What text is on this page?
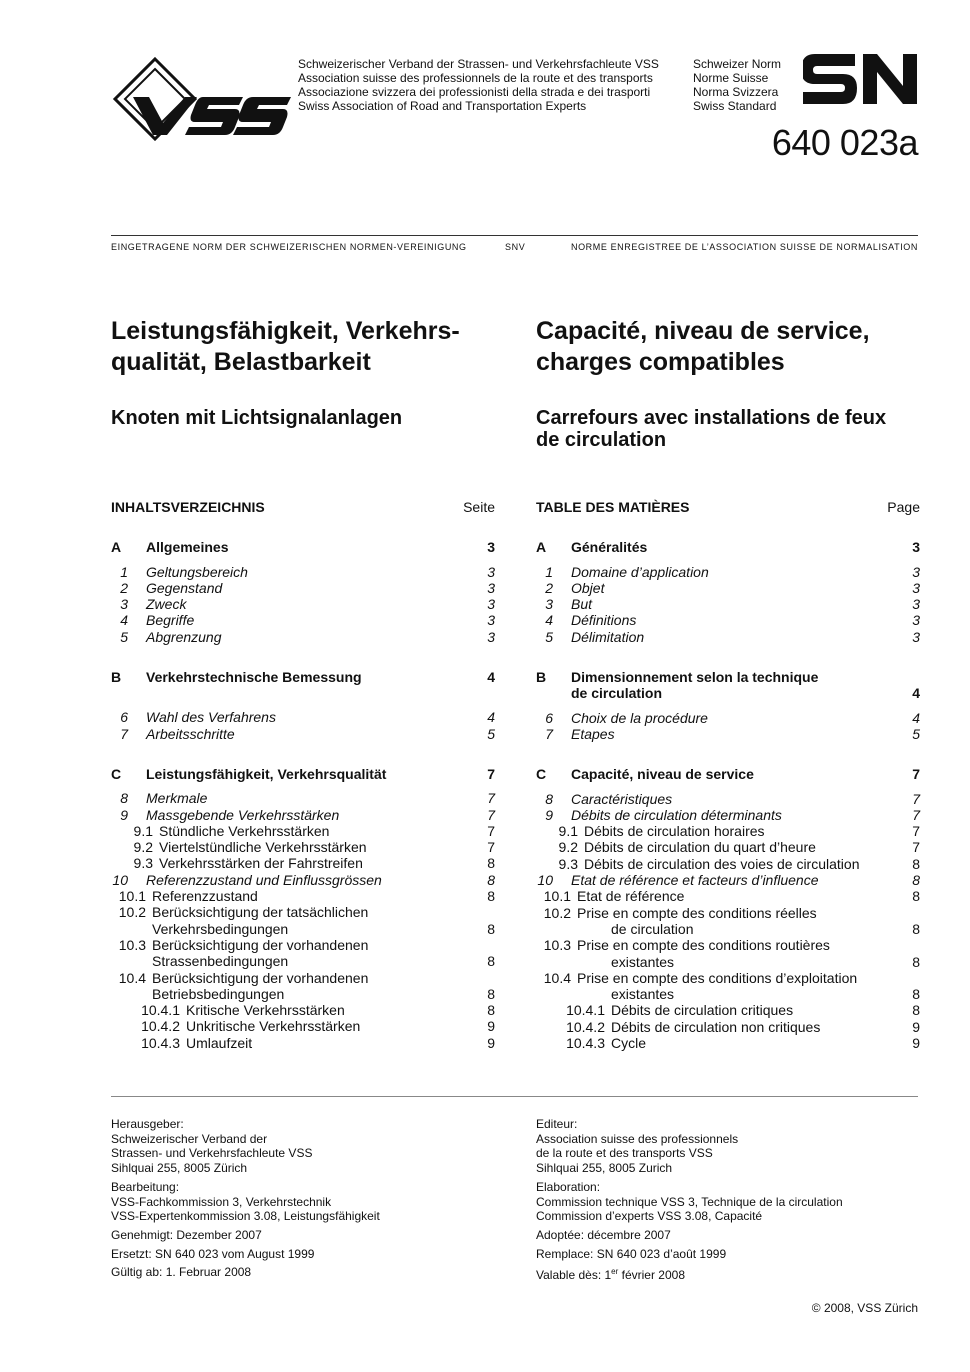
Schweizerischer Verband der Strassen- und Verkehrsfachleute VSS
Association suisse des professionnels de la route et des transports
Associazione svizzera dei professionisti della strada e dei trasporti
Swiss Association of Road and Transportation Experts
Schweizer Norm
Norme Suisse
Norma Svizzera
Swiss Standard
640 023a
EINGETRAGENE NORM DER SCHWEIZERISCHEN NORMEN-VEREINIGUNG	SNV	NORME ENREGISTREE DE L’ASSOCIATION SUISSE DE NORMALISATION
Leistungsfähigkeit, Verkehrs-
qualität, Belastbarkeit
Knoten mit Lichtsignalanlagen
Capacité, niveau de service,
charges compatibles
Carrefours avec installations de feux
de circulation
INHALTSVERZEICHNIS	Seite
A	Allgemeines	3
1	Geltungsbereich	3
2	Gegenstand	3
3	Zweck	3
4	Begriffe	3
5	Abgrenzung	3
B	Verkehrstechnische Bemessung	4
6	Wahl des Verfahrens	4
7	Arbeitsschritte	5
C	Leistungsfähigkeit, Verkehrsqualität	7
8	Merkmale	7
9	Massgebende Verkehrsstärken	7
9.1 Stündliche Verkehrsstärken	7
9.2 Viertelstündliche Verkehrsstärken	7
9.3 Verkehrsstärken der Fahrstreifen	8
10	Referenzzustand und Einflussgrössen	8
10.1 Referenzzustand	8
10.2 Berücksichtigung der tatsächlichen
Verkehrsbedingungen	8
10.3 Berücksichtigung der vorhandenen
Strassenbedingungen	8
10.4 Berücksichtigung der vorhandenen
Betriebsbedingungen	8
10.4.1 Kritische Verkehrsstärken	8
10.4.2 Unkritische Verkehrsstärken	9
10.4.3 Umlaufzeit	9
TABLE DES MATIÈRES	Page
A	Généralités	3
1	Domaine d’application	3
2	Objet	3
3	But	3
4	Définitions	3
5	Délimitation	3
B	Dimensionnement selon la technique
de circulation	4
6	Choix de la procédure	4
7	Etapes	5
C	Capacité, niveau de service	7
8	Caractéristiques	7
9	Débits de circulation déterminants	7
9.1 Débits de circulation horaires	7
9.2 Débits de circulation du quart d’heure	7
9.3 Débits de circulation des voies de circulation	8
10	Etat de référence et facteurs d’influence	8
10.1 Etat de référence	8
10.2 Prise en compte des conditions réelles
de circulation	8
10.3 Prise en compte des conditions routières
existantes	8
10.4 Prise en compte des conditions d’exploitation
existantes	8
10.4.1 Débits de circulation critiques	8
10.4.2 Débits de circulation non critiques	9
10.4.3 Cycle	9

Herausgeber:
Schweizerischer Verband der
Strassen- und Verkehrsfachleute VSS
Sihlquai 255, 8005 Zürich

Bearbeitung:
VSS-Fachkommission 3, Verkehrstechnik
VSS-Expertenkommission 3.08, Leistungsfähigkeit

Genehmigt: Dezember 2007

Ersetzt: SN 640 023 vom August 1999

Gültig ab: 1. Februar 2008

Editeur:
Association suisse des professionnels
de la route et des transports VSS
Sihlquai 255, 8005 Zurich

Elaboration:
Commission technique VSS 3, Technique de la circulation
Commission d’experts VSS 3.08, Capacité

Adoptée: décembre 2007

Remplace: SN 640 023 d’août 1999

Valable dès: 1er février 2008

© 2008, VSS Zürich
